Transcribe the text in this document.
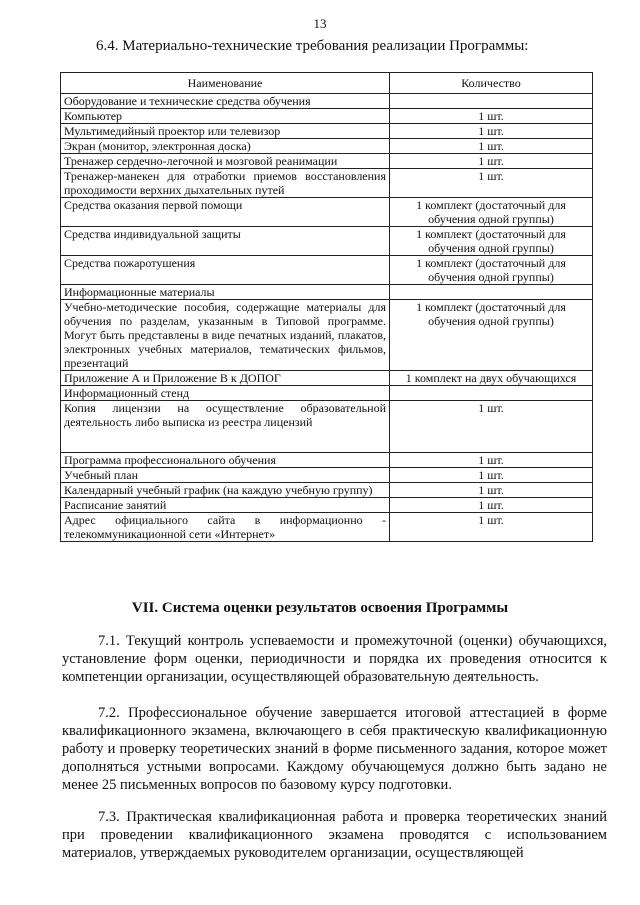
13
6.4. Материально-технические требования реализации Программы:
Наименование	Количество
Оборудование и технические средства обучения	
Компьютер	1 шт.
Мультимедийный проектор или телевизор	1 шт.
Экран (монитор, электронная доска)	1 шт.
Тренажер сердечно-легочной и мозговой реанимации	1 шт.
Тренажер-манекен для отработки приемов восстановления проходимости верхних дыхательных путей	1 шт.
Средства оказания первой помощи	1 комплект (достаточный для обучения одной группы)
Средства индивидуальной защиты	1 комплект (достаточный для обучения одной группы)
Средства пожаротушения	1 комплект (достаточный для обучения одной группы)
Информационные материалы	
Учебно-методические пособия, содержащие материалы для обучения по разделам, указанным в Типовой программе. Могут быть представлены в виде печатных изданий, плакатов, электронных учебных материалов, тематических фильмов, презентаций	1 комплект (достаточный для обучения одной группы)
Приложение А и Приложение В к ДОПОГ	1 комплект на двух обучающихся
Информационный стенд	
Копия лицензии на осуществление образовательной деятельность либо выписка из реестра лицензий	1 шт.
Программа профессионального обучения	1 шт.
Учебный план	1 шт.
Календарный учебный график (на каждую учебную группу)	1 шт.
Расписание занятий	1 шт.
Адрес официального сайта в информационно - телекоммуникационной сети «Интернет»	1 шт.
VII. Система оценки результатов освоения Программы

7.1. Текущий контроль успеваемости и промежуточной (оценки) обучающихся, установление форм оценки, периодичности и порядка их проведения относится к компетенции организации, осуществляющей образовательную деятельность.

7.2. Профессиональное обучение завершается итоговой аттестацией в форме квалификационного экзамена, включающего в себя практическую квалификационную работу и проверку теоретических знаний в форме письменного задания, которое может дополняться устными вопросами. Каждому обучающемуся должно быть задано не менее 25 письменных вопросов по базовому курсу подготовки.

7.3. Практическая квалификационная работа и проверка теоретических знаний при проведении квалификационного экзамена проводятся с использованием материалов, утверждаемых руководителем организации, осуществляющей
